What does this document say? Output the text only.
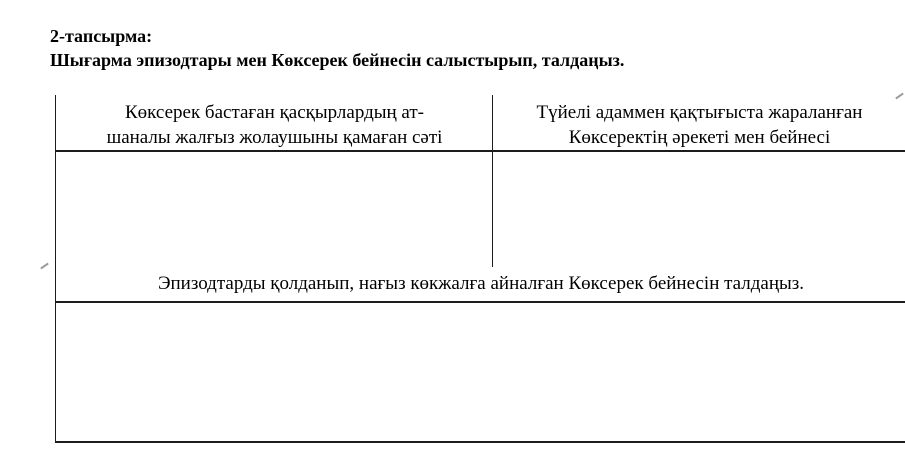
2-тапсырма:
Шығарма эпизодтары мен Көксерек бейнесін салыстырып, талдаңыз.
Көксерек бастаған қасқырлардың ат-
шаналы жалғыз жолаушыны қамаған сәті
Түйелі адаммен қақтығыста жараланған
Көксеректің әрекеті мен бейнесі
Эпизодтарды қолданып, нағыз көкжалға айналған Көксерек бейнесін талдаңыз.
